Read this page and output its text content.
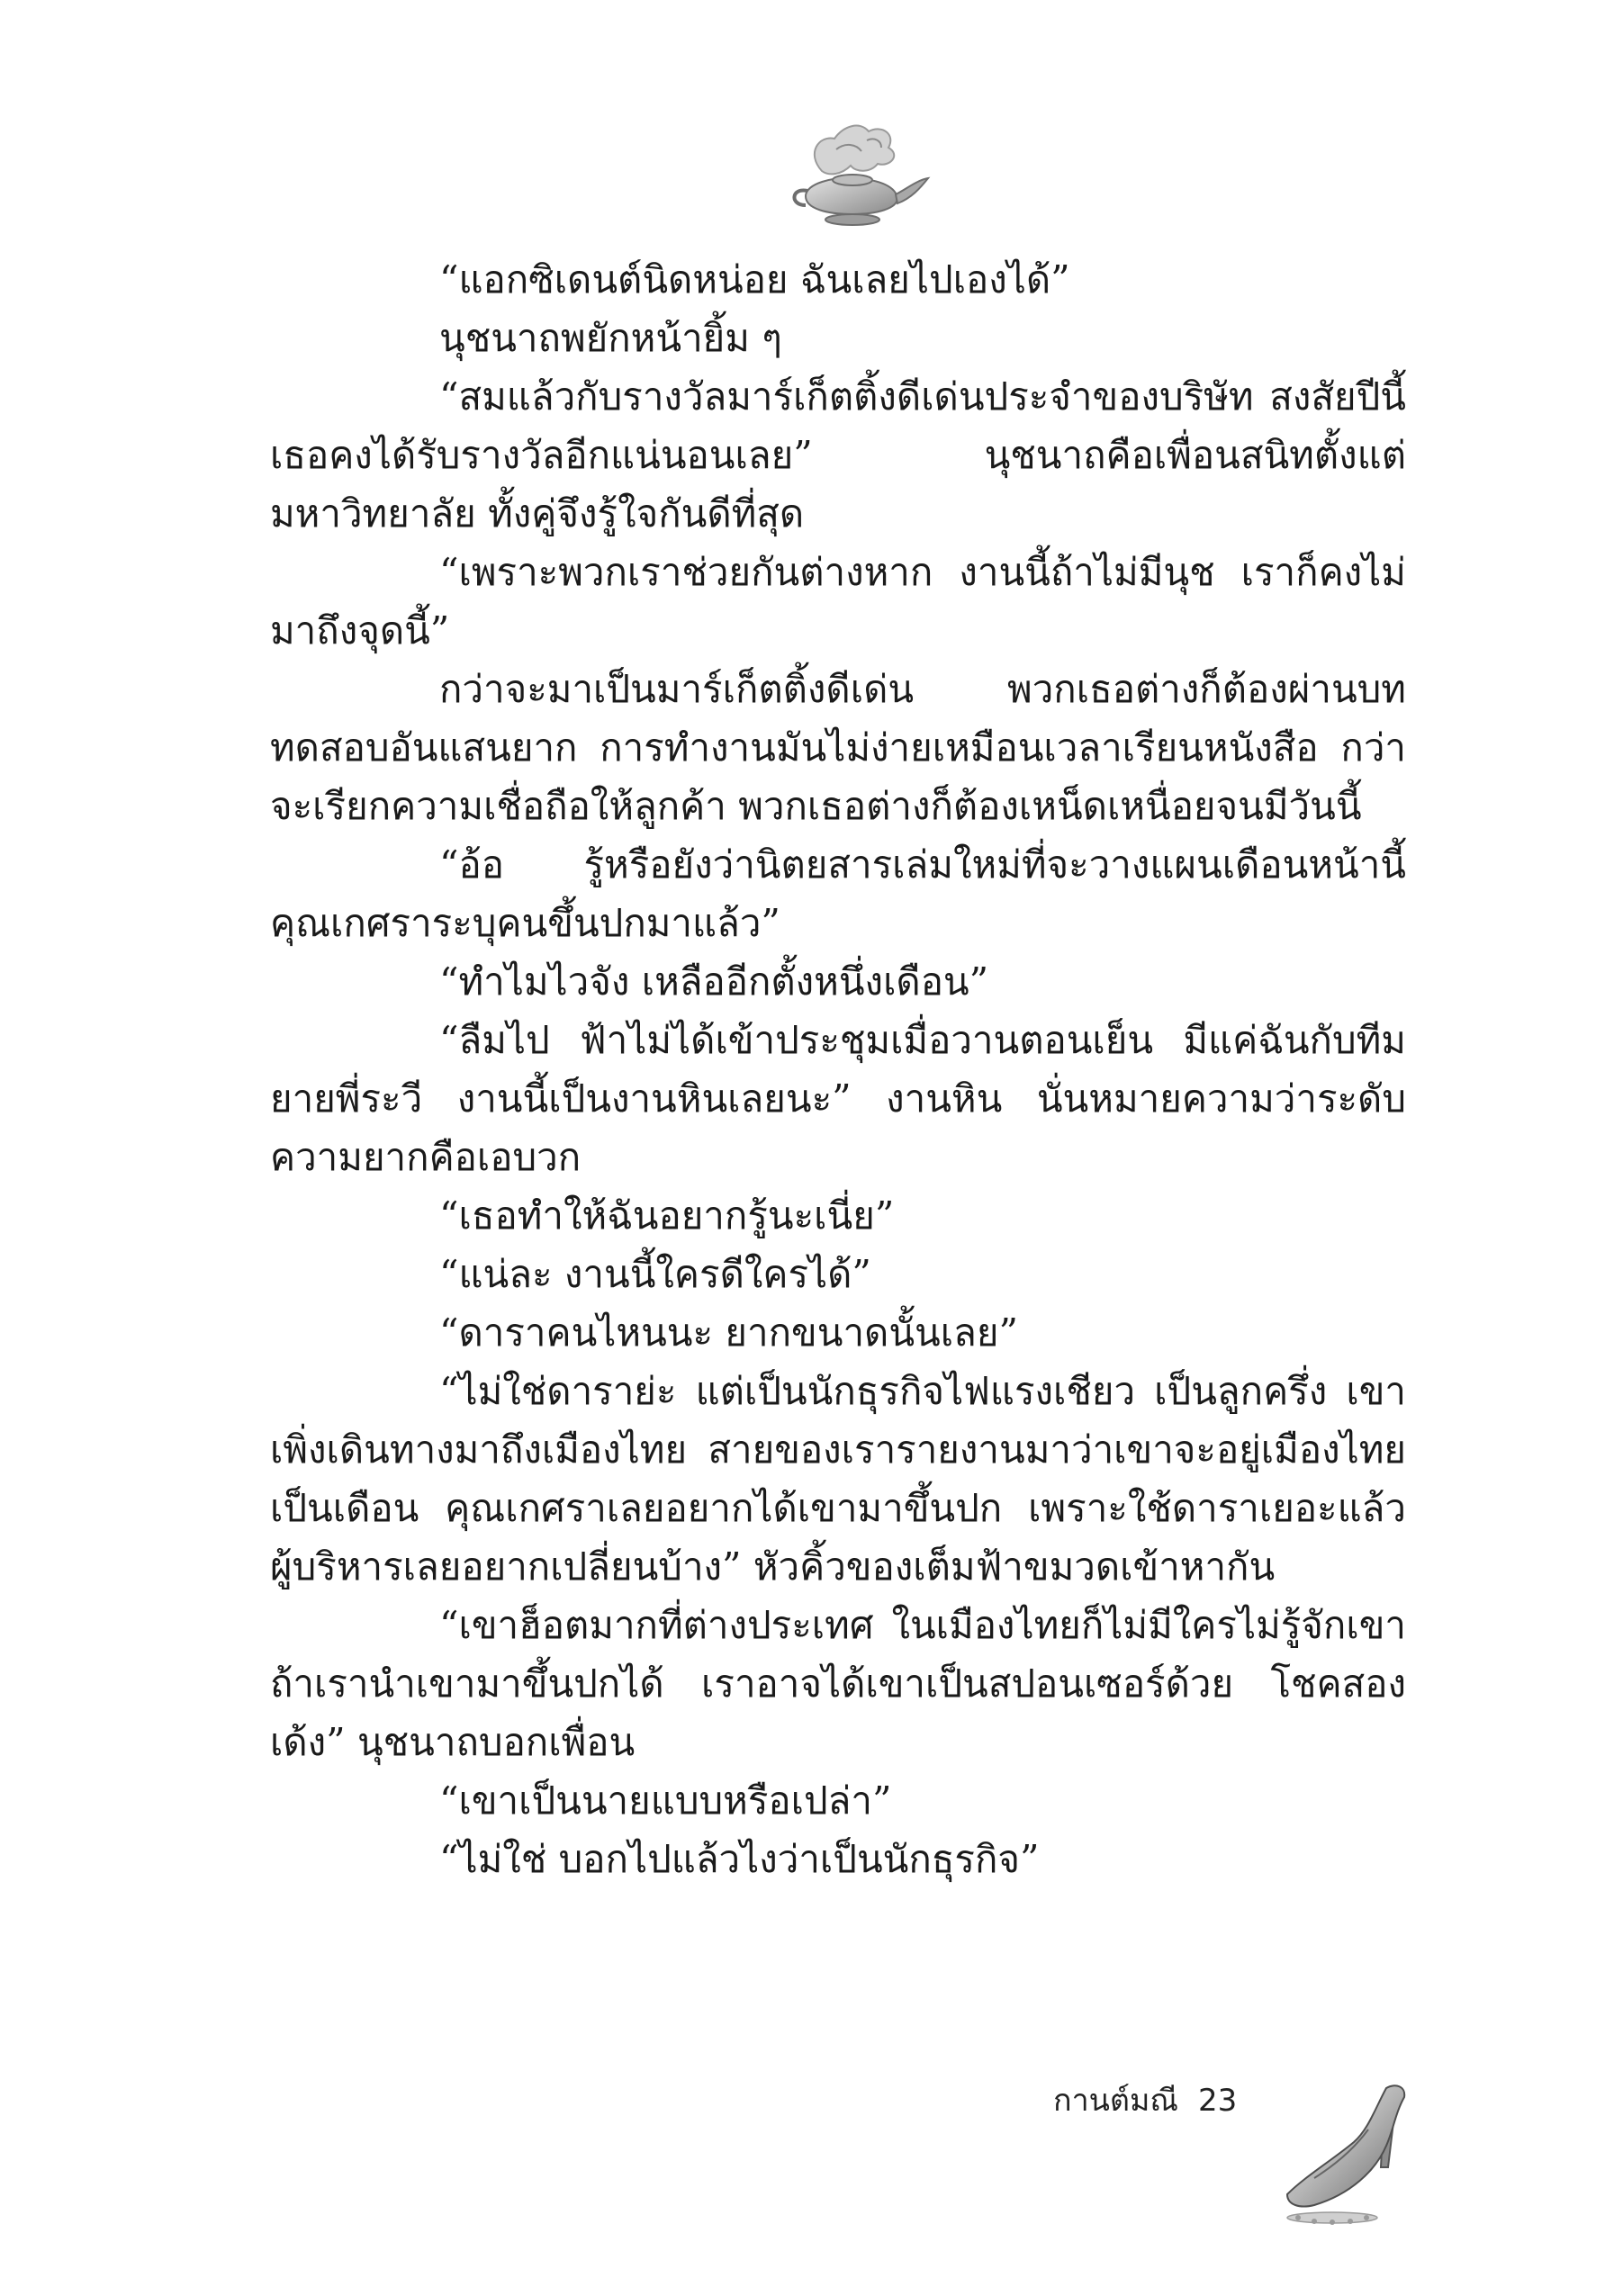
“แอกซิเดนต์นิดหน่อย ฉันเลยไปเองได้”

นุชนาถพยักหน้ายิ้ม ๆ

“สมแล้วกับรางวัลมาร์เก็ตติ้งดีเด่นประจำของบริษัท สงสัยปีนี้เธอคงได้รับรางวัลอีกแน่นอนเลย” นุชนาถคือเพื่อนสนิทตั้งแต่มหาวิทยาลัย ทั้งคู่จึงรู้ใจกันดีที่สุด

“เพราะพวกเราช่วยกันต่างหาก งานนี้ถ้าไม่มีนุช เราก็คงไม่มาถึงจุดนี้”

กว่าจะมาเป็นมาร์เก็ตติ้งดีเด่น พวกเธอต่างก็ต้องผ่านบททดสอบอันแสนยาก การทำงานมันไม่ง่ายเหมือนเวลาเรียนหนังสือ กว่าจะเรียกความเชื่อถือให้ลูกค้า พวกเธอต่างก็ต้องเหน็ดเหนื่อยจนมีวันนี้

“อ้อ รู้หรือยังว่านิตยสารเล่มใหม่ที่จะวางแผนเดือนหน้านี้ คุณเกศราระบุคนขึ้นปกมาแล้ว”

“ทำไมไวจัง เหลืออีกตั้งหนึ่งเดือน”

“ลืมไป ฟ้าไม่ได้เข้าประชุมเมื่อวานตอนเย็น มีแค่ฉันกับทีมยายพี่ระวี งานนี้เป็นงานหินเลยนะ” งานหิน นั่นหมายความว่าระดับความยากคือเอบวก

“เธอทำให้ฉันอยากรู้นะเนี่ย”

“แน่ละ งานนี้ใครดีใครได้”

“ดาราคนไหนนะ ยากขนาดนั้นเลย”

“ไม่ใช่ดาราย่ะ แต่เป็นนักธุรกิจไฟแรงเชียว เป็นลูกครึ่ง เขาเพิ่งเดินทางมาถึงเมืองไทย สายของเรารายงานมาว่าเขาจะอยู่เมืองไทยเป็นเดือน คุณเกศราเลยอยากได้เขามาขึ้นปก เพราะใช้ดาราเยอะแล้ว ผู้บริหารเลยอยากเปลี่ยนบ้าง” หัวคิ้วของเต็มฟ้าขมวดเข้าหากัน

“เขาฮ็อตมากที่ต่างประเทศ ในเมืองไทยก็ไม่มีใครไม่รู้จักเขา ถ้าเรานำเขามาขึ้นปกได้ เราอาจได้เขาเป็นสปอนเซอร์ด้วย โชคสองเด้ง” นุชนาถบอกเพื่อน

“เขาเป็นนายแบบหรือเปล่า”

“ไม่ใช่ บอกไปแล้วไงว่าเป็นนักธุรกิจ”

กานต์มณี 23
